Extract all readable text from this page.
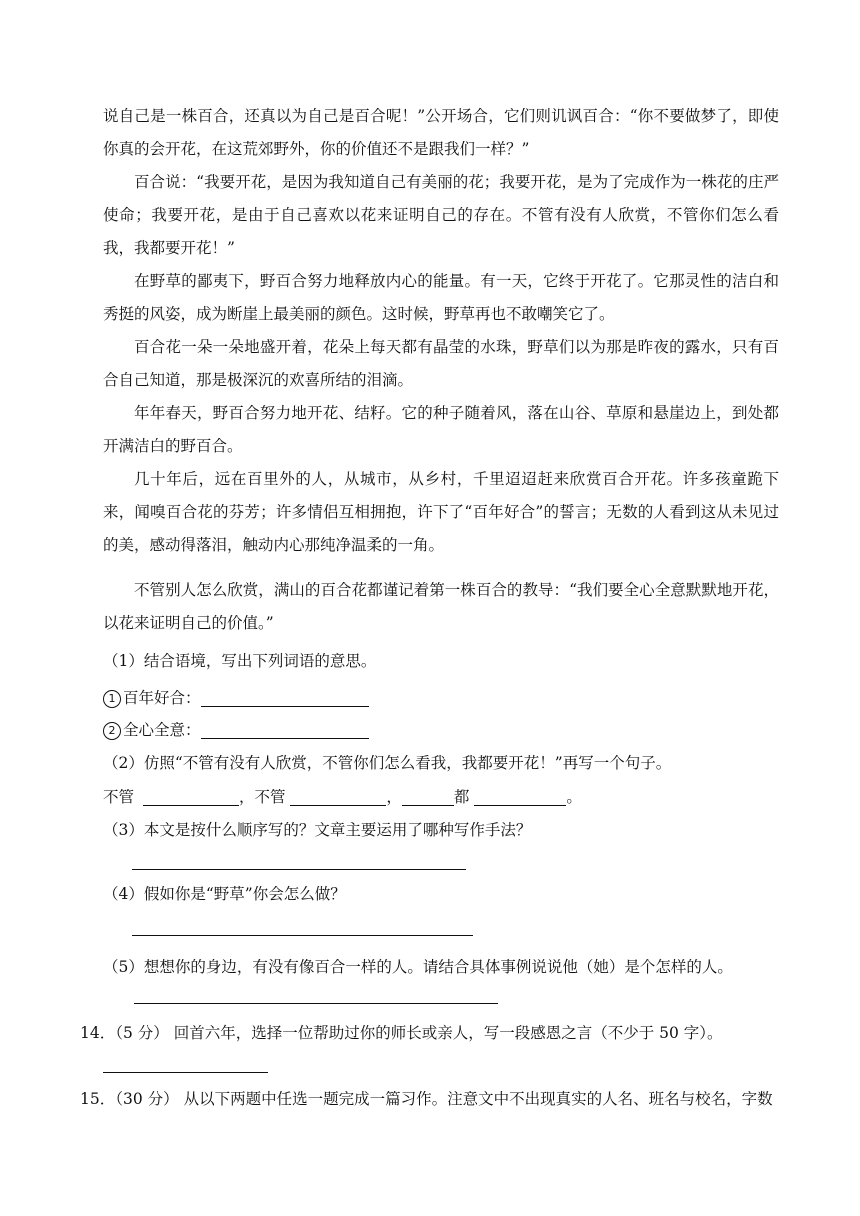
说自己是一株百合，还真以为自己是百合呢！”公开场合，它们则讥讽百合：“你不要做梦了，即使你真的会开花，在这荒郊野外，你的价值还不是跟我们一样？”

百合说：“我要开花，是因为我知道自己有美丽的花；我要开花，是为了完成作为一株花的庄严使命；我要开花，是由于自己喜欢以花来证明自己的存在。不管有没有人欣赏，不管你们怎么看我，我都要开花！”

在野草的鄙夷下，野百合努力地释放内心的能量。有一天，它终于开花了。它那灵性的洁白和秀挺的风姿，成为断崖上最美丽的颜色。这时候，野草再也不敢嘲笑它了。

百合花一朵一朵地盛开着，花朵上每天都有晶莹的水珠，野草们以为那是昨夜的露水，只有百合自己知道，那是极深沉的欢喜所结的泪滴。

年年春天，野百合努力地开花、结籽。它的种子随着风，落在山谷、草原和悬崖边上，到处都开满洁白的野百合。

几十年后，远在百里外的人，从城市，从乡村，千里迢迢赶来欣赏百合开花。许多孩童跪下来，闻嗅百合花的芬芳；许多情侣互相拥抱，许下了“百年好合”的誓言；无数的人看到这从未见过的美，感动得落泪，触动内心那纯净温柔的一角。

不管别人怎么欣赏，满山的百合花都谨记着第一株百合的教导：“我们要全心全意默默地开花，以花来证明自己的价值。”

（1）结合语境，写出下列词语的意思。
1 百年好合：
2 全心全意：
（2）仿照“不管有没有人欣赏，不管你们怎么看我，我都要开花！”再写一个句子。
不管	，不管	，	都	。
（3）本文是按什么顺序写的？文章主要运用了哪种写作手法？
（4）假如你是“野草”你会怎么做？
（5）想想你的身边，有没有像百合一样的人。请结合具体事例说说他（她）是个怎样的人。
14．（5 分） 回首六年，选择一位帮助过你的师长或亲人，写一段感恩之言（不少于 50 字）。
15．（30 分） 从以下两题中任选一题完成一篇习作。注意文中不出现真实的人名、班名与校名，字数
